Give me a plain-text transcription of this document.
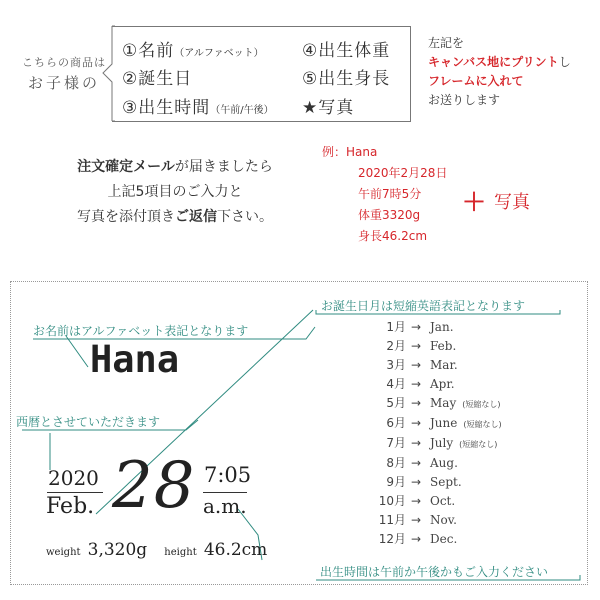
こちらの商品は
お子様の
①名前（アルファベット） ④出生体重
②誕生日	⑤出生身長
③出生時間（午前/午後） ★写真
左記を
キャンバス地にプリントし
フレームに入れて
お送りします
注文確定メールが届きましたら
上記5項目のご入力と
写真を添付頂きご返信下さい。
例：Hana
2020年2月28日
午前7時5分
体重3320g
身長46.2cm
＋ 写真
お誕生日月は短縮英語表記となります
お名前はアルファベット表記となります
西暦とさせていただきます
出生時間は午前か午後かもご入力ください
Hana
2020
Feb. 28 7:05
a.m.
weight 3,320g height 46.2cm
1月 → Jan.
2月 → Feb.
3月 → Mar.
4月 → Apr.
5月 → May (短縮なし)
6月 → June (短縮なし)
7月 → July (短縮なし)
8月 → Aug.
9月 → Sept.
10月 → Oct.
11月 → Nov.
12月 → Dec.
